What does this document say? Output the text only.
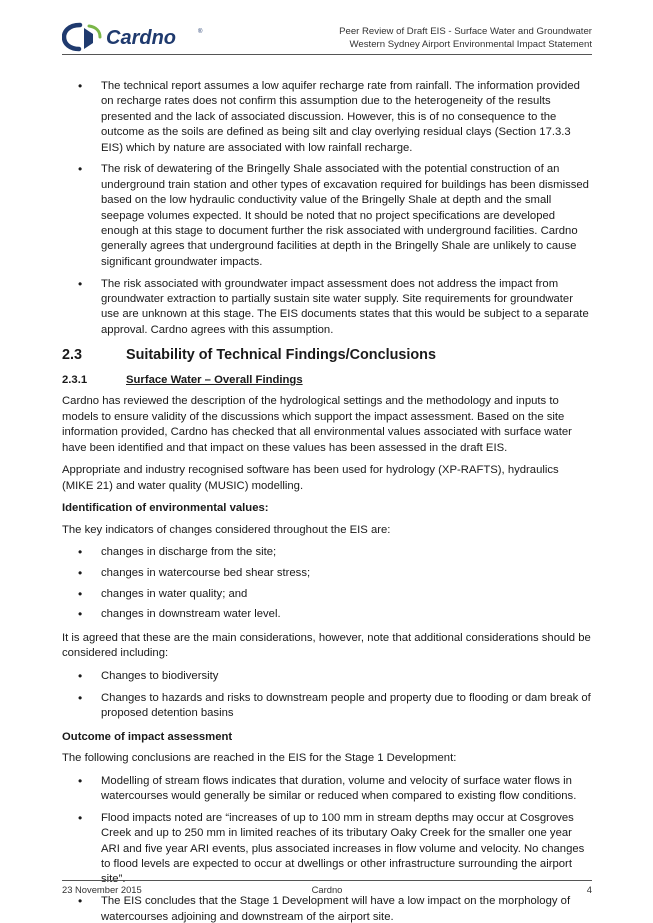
Cardno	®	Peer Review of Draft EIS - Surface Water and Groundwater
Western Sydney Airport Environmental Impact Statement
• The technical report assumes a low aquifer recharge rate from rainfall. The information provided on recharge rates does not confirm this assumption due to the heterogeneity of the results presented and the lack of associated discussion. However, this is of no consequence to the outcome as the soils are defined as being silt and clay overlying residual clays (Section 17.3.3 EIS) which by nature are associated with low rainfall recharge.
• The risk of dewatering of the Bringelly Shale associated with the potential construction of an underground train station and other types of excavation required for buildings has been dismissed based on the low hydraulic conductivity value of the Bringelly Shale at depth and the small seepage volumes expected. It should be noted that no project specifications are developed enough at this stage to document further the risk associated with underground facilities. Cardno generally agrees that underground facilities at depth in the Bringelly Shale are unlikely to cause significant groundwater impacts.
• The risk associated with groundwater impact assessment does not address the impact from groundwater extraction to partially sustain site water supply. Site requirements for groundwater use are unknown at this stage. The EIS documents states that this would be subject to a separate approval. Cardno agrees with this assumption.
2.3	Suitability of Technical Findings/Conclusions
2.3.1	Surface Water – Overall Findings

Cardno has reviewed the description of the hydrological settings and the methodology and inputs to models to ensure validity of the discussions which support the impact assessment. Based on the site information provided, Cardno has checked that all environmental values associated with surface water have been identified and that impact on these values has been assessed in the draft EIS.

Appropriate and industry recognised software has been used for hydrology (XP-RAFTS), hydraulics (MIKE 21) and water quality (MUSIC) modelling.

Identification of environmental values:

The key indicators of changes considered throughout the EIS are:

• changes in discharge from the site;
• changes in watercourse bed shear stress;
• changes in water quality; and
• changes in downstream water level.

It is agreed that these are the main considerations, however, note that additional considerations should be considered including:

• Changes to biodiversity
• Changes to hazards and risks to downstream people and property due to flooding or dam break of proposed detention basins

Outcome of impact assessment

The following conclusions are reached in the EIS for the Stage 1 Development:

• Modelling of stream flows indicates that duration, volume and velocity of surface water flows in watercourses would generally be similar or reduced when compared to existing flow conditions.
• Flood impacts noted are “increases of up to 100 mm in stream depths may occur at Cosgroves Creek and up to 250 mm in limited reaches of its tributary Oaky Creek for the smaller one year ARI and five year ARI events, plus associated increases in flow volume and velocity. No changes to flood levels are expected to occur at dwellings or other infrastructure surrounding the airport site”.
• The EIS concludes that the Stage 1 Development will have a low impact on the morphology of watercourses adjoining and downstream of the airport site.
23 November 2015	Cardno	4
